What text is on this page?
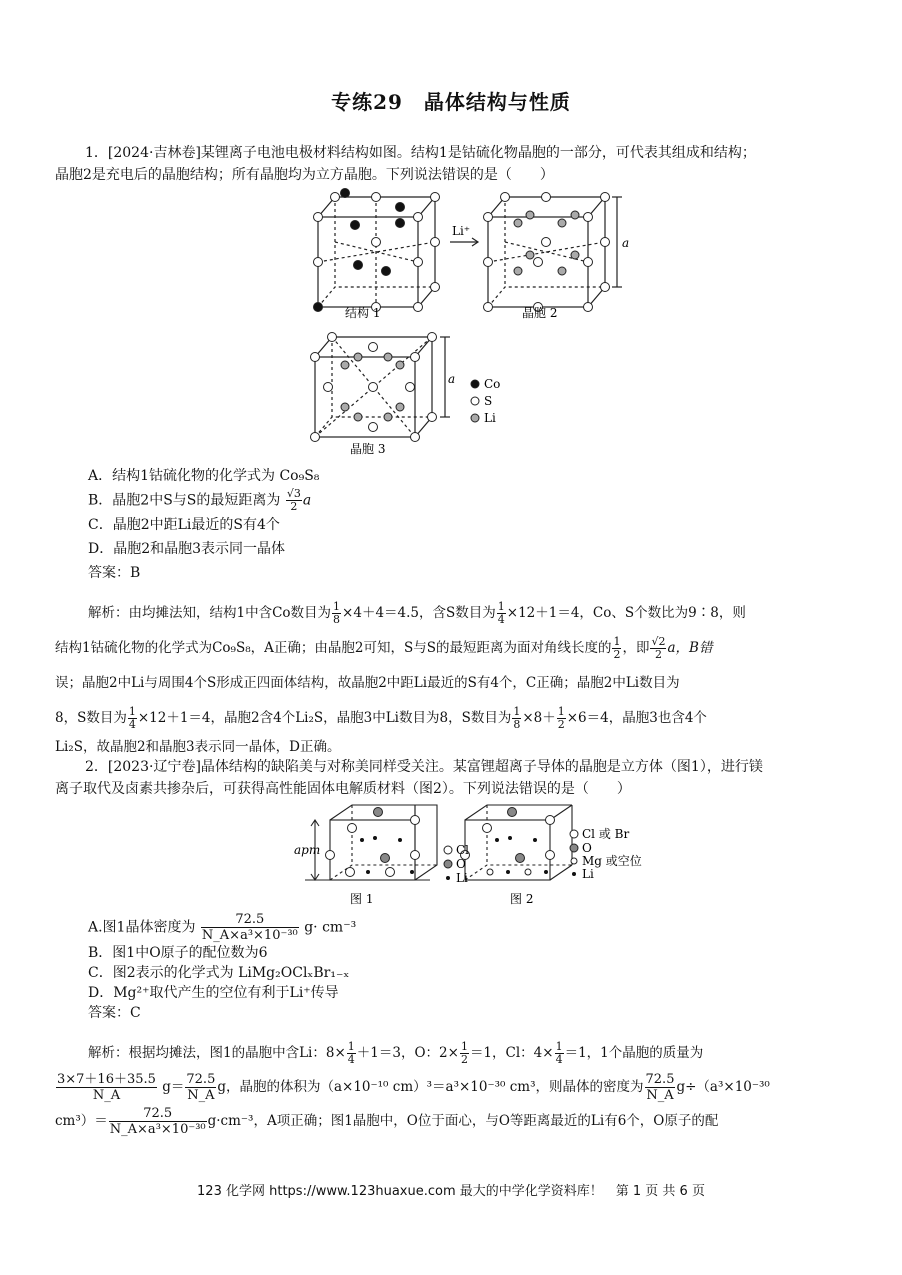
专练29　晶体结构与性质
1．[2024·吉林卷]某锂离子电池电极材料结构如图。结构1是钴硫化物晶胞的一部分，可代表其组成和结构；
晶胞2是充电后的晶胞结构；所有晶胞均为立方晶胞。下列说法错误的是（　　）
Co
S
Li
Li⁺
a
a
结构 1	晶胞 2
晶胞 3
A．结构1钴硫化物的化学式为 Co₉S₈
B．晶胞2中S与S的最短距离为 $\frac{√3}{2}$ a
C．晶胞2中距Li最近的S有4个
D．晶胞2和晶胞3表示同一晶体
答案：B
解析：由均摊法知，结构1中含Co数目为 $\frac{1}{8} \times 4+4=4.5$，含S数目为 $\frac{1}{4} \times 12+1=4$，Co、S个数比为9∶8，则
结构1钴硫化物的化学式为Co₉S₈，A正确；由晶胞2可知，S与S的最短距离为面对角线长度的 $\frac{1}{2}$ ，即 $\frac{√2}{2}$ a，B错
误；晶胞2中Li与周围4个S形成正四面体结构，故晶胞2中距Li最近的S有4个，C正确；晶胞2中Li数目为
8，S数目为 $\frac{1}{4} \times 12+1=4$，晶胞2含4个Li₂S，晶胞3中Li数目为8，S数目为 $\frac{1}{8} \times 8+ \frac{1}{2} \times 6=4$，晶胞3也含4个
Li₂S，故晶胞2和晶胞3表示同一晶体，D正确。
2．[2023·辽宁卷]晶体结构的缺陷美与对称美同样受关注。某富锂超离子导体的晶胞是立方体（图1），进行镁
离子取代及卤素共掺杂后，可获得高性能固体电解质材料（图2）。下列说法错误的是（　　）
apm	Cl
O
Li
Cl 或 Br
O
Mg 或空位
Li
图 1	图 2
A.图1晶体密度为 $\frac{72.5}{\text{N\_A×a³×10⁻³⁰}} g\cdot cm^{-3}$
B．图1中O原子的配位数为6
C．图2表示的化学式为 LiMg₂OClₓBr₁₋ₓ
D．Mg²⁺取代产生的空位有利于Li⁺传导
答案：C
解析：根据均摊法，图1的晶胞中含Li：$8\times \frac{1}{4} +1=3$，O：$2\times \frac{1}{2} =1$，Cl：$4\times \frac{1}{4} =1$，1个晶胞的质量为
$\frac{3\times 7+16+35.5}{N\_A} g= \frac{72.5}{N\_A}$ g，晶胞的体积为（a×10⁻¹⁰ cm）³＝a³×10⁻³⁰ cm³，则晶体的密度为 $\frac{72.5}{N\_A} g\div(a^3\times 10^{-30}$
$cm^3)= \frac{72.5}{\text{N\_A×a³×10⁻³⁰}} g\cdot cm^{-3}$，A项正确；图1晶胞中，O位于面心，与O等距离最近的Li有6个，O原子的配
123 化学网 https://www.123huaxue.com 最大的中学化学资料库！　第 1 页 共 6 页
